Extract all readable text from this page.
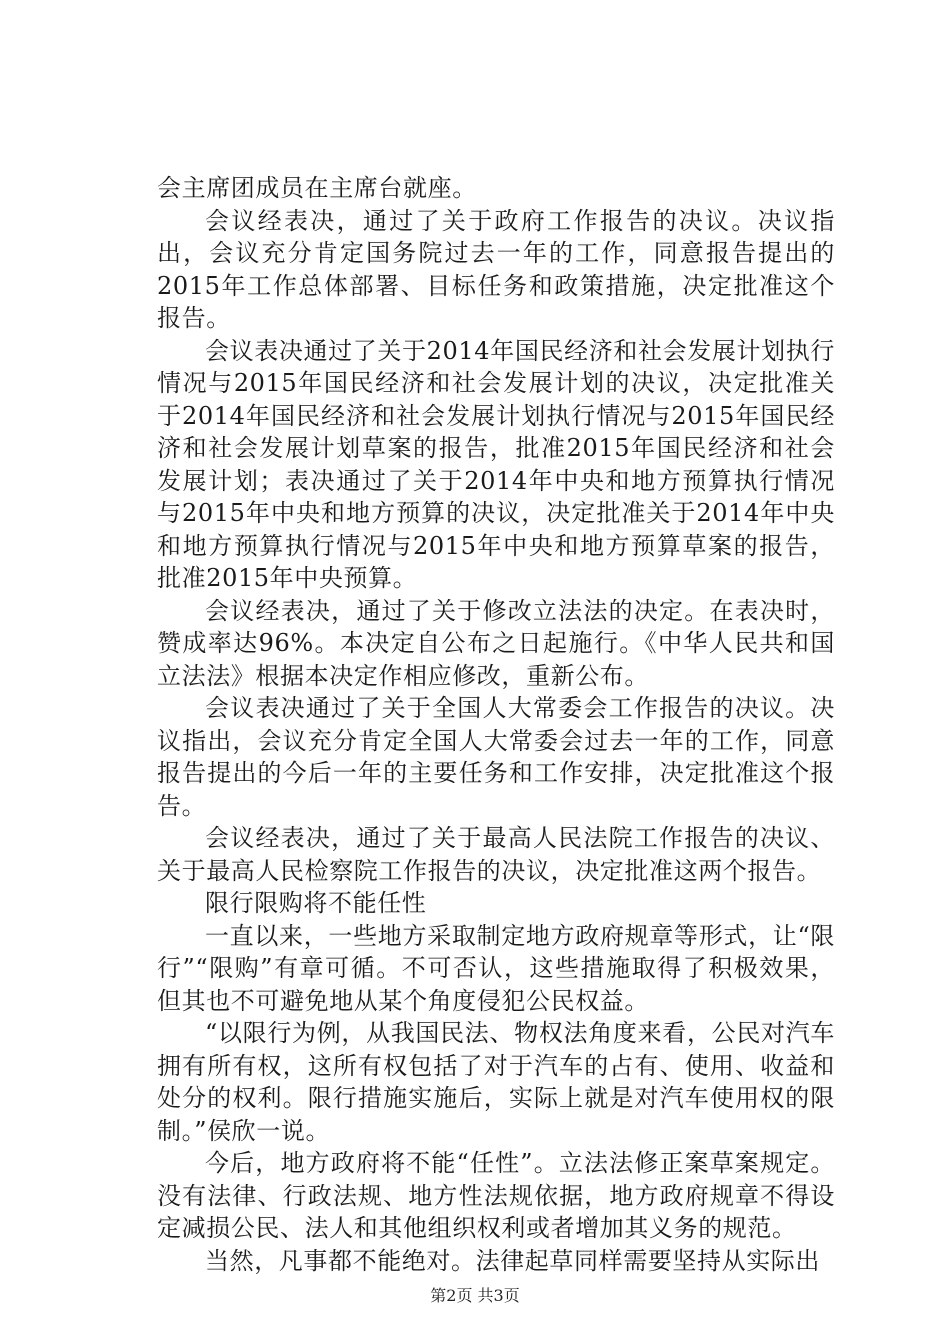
会主席团成员在主席台就座。

会议经表决，通过了关于政府工作报告的决议。决议指出，会议充分肯定国务院过去一年的工作，同意报告提出的2015年工作总体部署、目标任务和政策措施，决定批准这个报告。

会议表决通过了关于2014年国民经济和社会发展计划执行情况与2015年国民经济和社会发展计划的决议，决定批准关于2014年国民经济和社会发展计划执行情况与2015年国民经济和社会发展计划草案的报告，批准2015年国民经济和社会发展计划；表决通过了关于2014年中央和地方预算执行情况与2015年中央和地方预算的决议，决定批准关于2014年中央和地方预算执行情况与2015年中央和地方预算草案的报告，批准2015年中央预算。

会议经表决，通过了关于修改立法法的决定。在表决时，赞成率达96%。本决定自公布之日起施行。《中华人民共和国立法法》根据本决定作相应修改，重新公布。

会议表决通过了关于全国人大常委会工作报告的决议。决议指出，会议充分肯定全国人大常委会过去一年的工作，同意报告提出的今后一年的主要任务和工作安排，决定批准这个报告。

会议经表决，通过了关于最高人民法院工作报告的决议、关于最高人民检察院工作报告的决议，决定批准这两个报告。

限行限购将不能任性

一直以来，一些地方采取制定地方政府规章等形式，让“限行”“限购”有章可循。不可否认，这些措施取得了积极效果，但其也不可避免地从某个角度侵犯公民权益。

“以限行为例，从我国民法、物权法角度来看，公民对汽车拥有所有权，这所有权包括了对于汽车的占有、使用、收益和处分的权利。限行措施实施后，实际上就是对汽车使用权的限制。”侯欣一说。

今后，地方政府将不能“任性”。立法法修正案草案规定。没有法律、行政法规、地方性法规依据，地方政府规章不得设定减损公民、法人和其他组织权利或者增加其义务的规范。

当然，凡事都不能绝对。法律起草同样需要坚持从实际出

第2页 共3页
